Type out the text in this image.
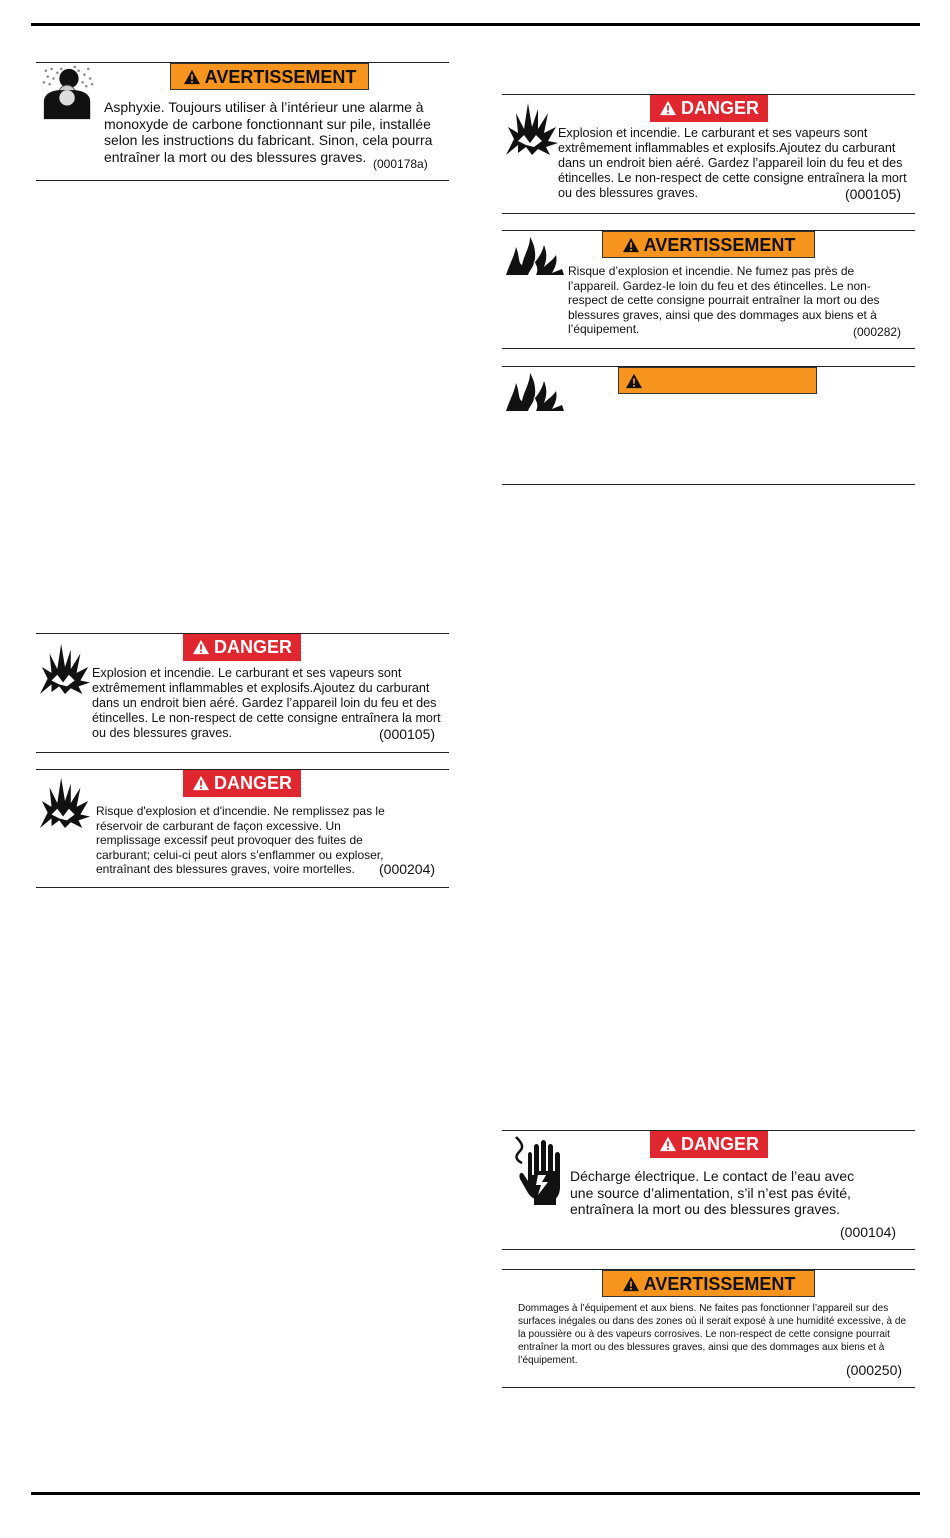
AVERTISSEMENT
Asphyxie. Toujours utiliser à l’intérieur une alarme à monoxyde de carbone fonctionnant sur pile, installée selon les instructions du fabricant. Sinon, cela pourra entraîner la mort ou des blessures graves. (000178a)
DANGER
Explosion et incendie. Le carburant et ses vapeurs sont extrêmement inflammables et explosifs.Ajoutez du carburant dans un endroit bien aéré. Gardez l’appareil loin du feu et des étincelles. Le non-respect de cette consigne entraînera la mort ou des blessures graves.	(000105)
DANGER
Risque d'explosion et d'incendie. Ne remplissez pas le réservoir de carburant de façon excessive. Un remplissage excessif peut provoquer des fuites de carburant; celui-ci peut alors s’enflammer ou exploser, entraînant des blessures graves, voire mortelles.	(000204)
DANGER
Explosion et incendie. Le carburant et ses vapeurs sont extrêmement inflammables et explosifs.Ajoutez du carburant dans un endroit bien aéré. Gardez l’appareil loin du feu et des étincelles. Le non-respect de cette consigne entraînera la mort ou des blessures graves.	(000105)
AVERTISSEMENT
Risque d’explosion et incendie. Ne fumez pas près de l’appareil. Gardez-le loin du feu et des étincelles. Le non-respect de cette consigne pourrait entraîner la mort ou des blessures graves, ainsi que des dommages aux biens et à l’équipement.	(000282)
DANGER
Décharge électrique. Le contact de l’eau avec une source d’alimentation, s’il n’est pas évité, entraînera la mort ou des blessures graves.
(000104)
AVERTISSEMENT
Dommages à l’équipement et aux biens. Ne faites pas fonctionner l’appareil sur des surfaces inégales ou dans des zones où il serait exposé à une humidité excessive, à de la poussière ou à des vapeurs corrosives. Le non-respect de cette consigne pourrait entraîner la mort ou des blessures graves, ainsi que des dommages aux biens et à l’équipement.
(000250)
